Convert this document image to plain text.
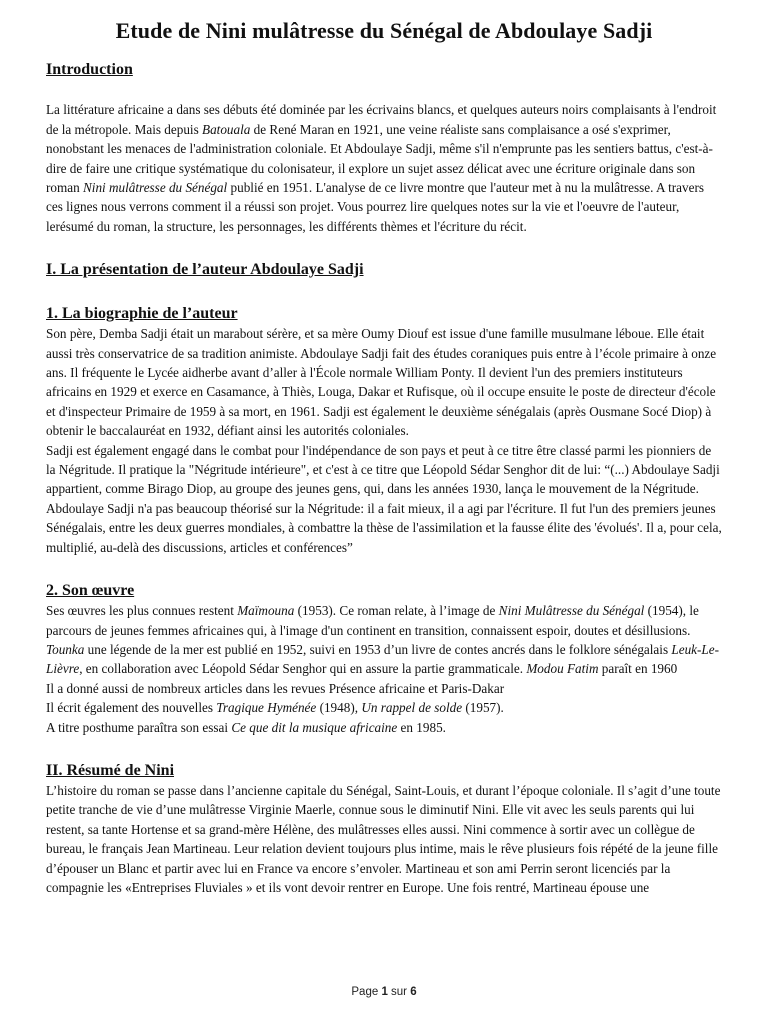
Etude de Nini mulâtresse du Sénégal de Abdoulaye Sadji
Introduction

La littérature africaine a dans ses débuts été dominée par les écrivains blancs, et quelques auteurs noirs complaisants à l'endroit de la métropole. Mais depuis Batouala de René Maran en 1921, une veine réaliste sans complaisance a osé s'exprimer, nonobstant les menaces de l'administration coloniale. Et Abdoulaye Sadji, même s'il n'emprunte pas les sentiers battus, c'est-à-dire de faire une critique systématique du colonisateur, il explore un sujet assez délicat avec une écriture originale dans son roman Nini mulâtresse du Sénégal publié en 1951. L'analyse de ce livre montre que l'auteur met à nu la mulâtresse. A travers ces lignes nous verrons comment il a réussi son projet. Vous pourrez lire quelques notes sur la vie et l'oeuvre de l'auteur, lerésumé du roman, la structure, les personnages, les différents thèmes et l'écriture du récit.

I. La présentation de l’auteur Abdoulaye Sadji
1. La biographie de l’auteur

Son père, Demba Sadji était un marabout sérère, et sa mère Oumy Diouf est issue d'une famille musulmane léboue. Elle était aussi très conservatrice de sa tradition animiste. Abdoulaye Sadji fait des études coraniques puis entre à l’école primaire à onze ans. Il fréquente le Lycée aidherbe avant d’aller à l'École normale William Ponty. Il devient l'un des premiers instituteurs africains en 1929 et exerce en Casamance, à Thiès, Louga, Dakar et Rufisque, où il occupe ensuite le poste de directeur d'école et d'inspecteur Primaire de 1959 à sa mort, en 1961. Sadji est également le deuxième sénégalais (après Ousmane Socé Diop) à obtenir le baccalauréat en 1932, défiant ainsi les autorités coloniales.

Sadji est également engagé dans le combat pour l'indépendance de son pays et peut à ce titre être classé parmi les pionniers de la Négritude. Il pratique la "Négritude intérieure", et c'est à ce titre que Léopold Sédar Senghor dit de lui: “(...) Abdoulaye Sadji appartient, comme Birago Diop, au groupe des jeunes gens, qui, dans les années 1930, lança le mouvement de la Négritude. Abdoulaye Sadji n'a pas beaucoup théorisé sur la Négritude: il a fait mieux, il a agi par l'écriture. Il fut l'un des premiers jeunes Sénégalais, entre les deux guerres mondiales, à combattre la thèse de l'assimilation et la fausse élite des 'évolués'. Il a, pour cela, multiplié, au-delà des discussions, articles et conférences”

2. Son œuvre

Ses œuvres les plus connues restent Maïmouna (1953). Ce roman relate, à l’image de Nini Mulâtresse du Sénégal (1954), le parcours de jeunes femmes africaines qui, à l'image d'un continent en transition, connaissent espoir, doutes et désillusions. Tounka une légende de la mer est publié en 1952, suivi en 1953 d’un livre de contes ancrés dans le folklore sénégalais Leuk-Le-Lièvre, en collaboration avec Léopold Sédar Senghor qui en assure la partie grammaticale. Modou Fatim paraît en 1960

Il a donné aussi de nombreux articles dans les revues Présence africaine et Paris-Dakar

Il écrit également des nouvelles Tragique Hyménée (1948), Un rappel de solde (1957).

A titre posthume paraîtra son essai Ce que dit la musique africaine en 1985.

II. Résumé de Nini

L’histoire du roman se passe dans l’ancienne capitale du Sénégal, Saint-Louis, et durant l’époque coloniale. Il s’agit d’une toute petite tranche de vie d’une mulâtresse Virginie Maerle, connue sous le diminutif Nini. Elle vit avec les seuls parents qui lui restent, sa tante Hortense et sa grand-mère Hélène, des mulâtresses elles aussi. Nini commence à sortir avec un collègue de bureau, le français Jean Martineau. Leur relation devient toujours plus intime, mais le rêve plusieurs fois répété de la jeune fille d’épouser un Blanc et partir avec lui en France va encore s’envoler. Martineau et son ami Perrin seront licenciés par la compagnie les «Entreprises Fluviales » et ils vont devoir rentrer en Europe. Une fois rentré, Martineau épouse une

Page 1 sur 6
